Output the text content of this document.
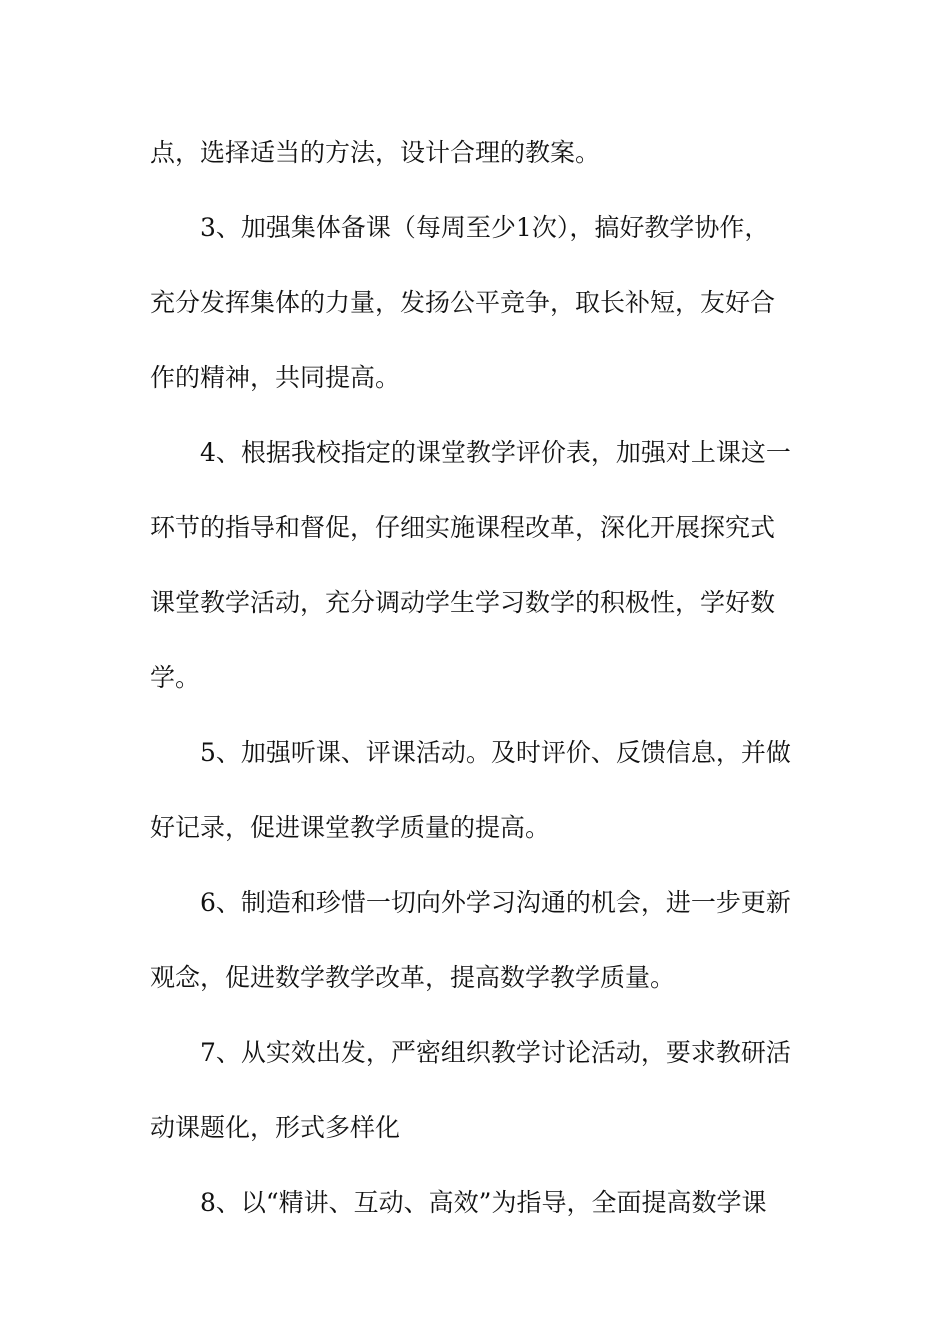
点，选择适当的方法，设计合理的教案。
3、加强集体备课（每周至少1次），搞好教学协作，
充分发挥集体的力量，发扬公平竞争，取长补短，友好合
作的精神，共同提高。
4、根据我校指定的课堂教学评价表，加强对上课这一
环节的指导和督促，仔细实施课程改革，深化开展探究式
课堂教学活动，充分调动学生学习数学的积极性，学好数
学。
5、加强听课、评课活动。及时评价、反馈信息，并做
好记录，促进课堂教学质量的提高。
6、制造和珍惜一切向外学习沟通的机会，进一步更新
观念，促进数学教学改革，提高数学教学质量。
7、从实效出发，严密组织教学讨论活动，要求教研活
动课题化，形式多样化
8、以“精讲、互动、高效”为指导，全面提高数学课
